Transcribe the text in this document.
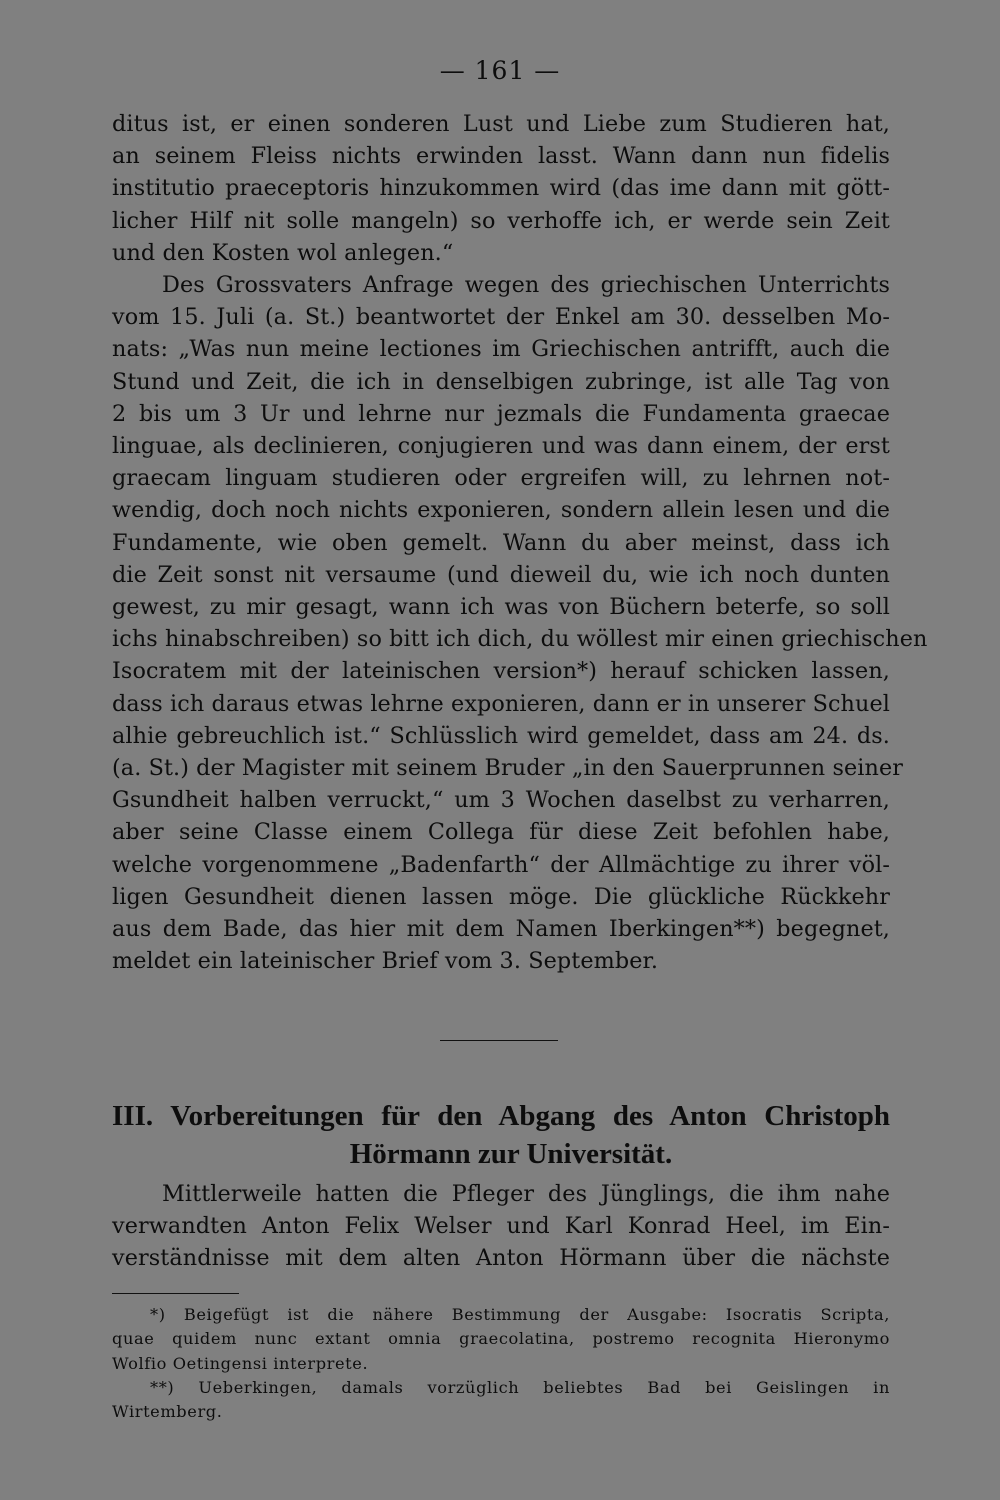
— 161 —
ditus ist, er einen sonderen Lust und Liebe zum Studieren hat,
an seinem Fleiss nichts erwinden lasst. Wann dann nun fidelis
institutio praeceptoris hinzukommen wird (das ime dann mit gött-
licher Hilf nit solle mangeln) so verhoffe ich, er werde sein Zeit
und den Kosten wol anlegen.“
Des Grossvaters Anfrage wegen des griechischen Unterrichts
vom 15. Juli (a. St.) beantwortet der Enkel am 30. desselben Mo-
nats: „Was nun meine lectiones im Griechischen antrifft, auch die
Stund und Zeit, die ich in denselbigen zubringe, ist alle Tag von
2 bis um 3 Ur und lehrne nur jezmals die Fundamenta graecae
linguae, als declinieren, conjugieren und was dann einem, der erst
graecam linguam studieren oder ergreifen will, zu lehrnen not-
wendig, doch noch nichts exponieren, sondern allein lesen und die
Fundamente, wie oben gemelt. Wann du aber meinst, dass ich
die Zeit sonst nit versaume (und dieweil du, wie ich noch dunten
gewest, zu mir gesagt, wann ich was von Büchern beterfe, so soll
ichs hinabschreiben) so bitt ich dich, du wöllest mir einen griechischen
Isocratem mit der lateinischen version*) herauf schicken lassen,
dass ich daraus etwas lehrne exponieren, dann er in unserer Schuel
alhie gebreuchlich ist.“ Schlüsslich wird gemeldet, dass am 24. ds.
(a. St.) der Magister mit seinem Bruder „in den Sauerprunnen seiner
Gsundheit halben verruckt,“ um 3 Wochen daselbst zu verharren,
aber seine Classe einem Collega für diese Zeit befohlen habe,
welche vorgenommene „Badenfarth“ der Allmächtige zu ihrer völ-
ligen Gesundheit dienen lassen möge. Die glückliche Rückkehr
aus dem Bade, das hier mit dem Namen Iberkingen**) begegnet,
meldet ein lateinischer Brief vom 3. September.
III. Vorbereitungen für den Abgang des Anton Christoph
Hörmann zur Universität.
Mittlerweile hatten die Pfleger des Jünglings, die ihm nahe
verwandten Anton Felix Welser und Karl Konrad Heel, im Ein-
verständnisse mit dem alten Anton Hörmann über die nächste
*) Beigefügt ist die nähere Bestimmung der Ausgabe: Isocratis Scripta,
quae quidem nunc extant omnia graecolatina, postremo recognita Hieronymo
Wolfio Oetingensi interprete.
**) Ueberkingen, damals vorzüglich beliebtes Bad bei Geislingen in
Wirtemberg.
